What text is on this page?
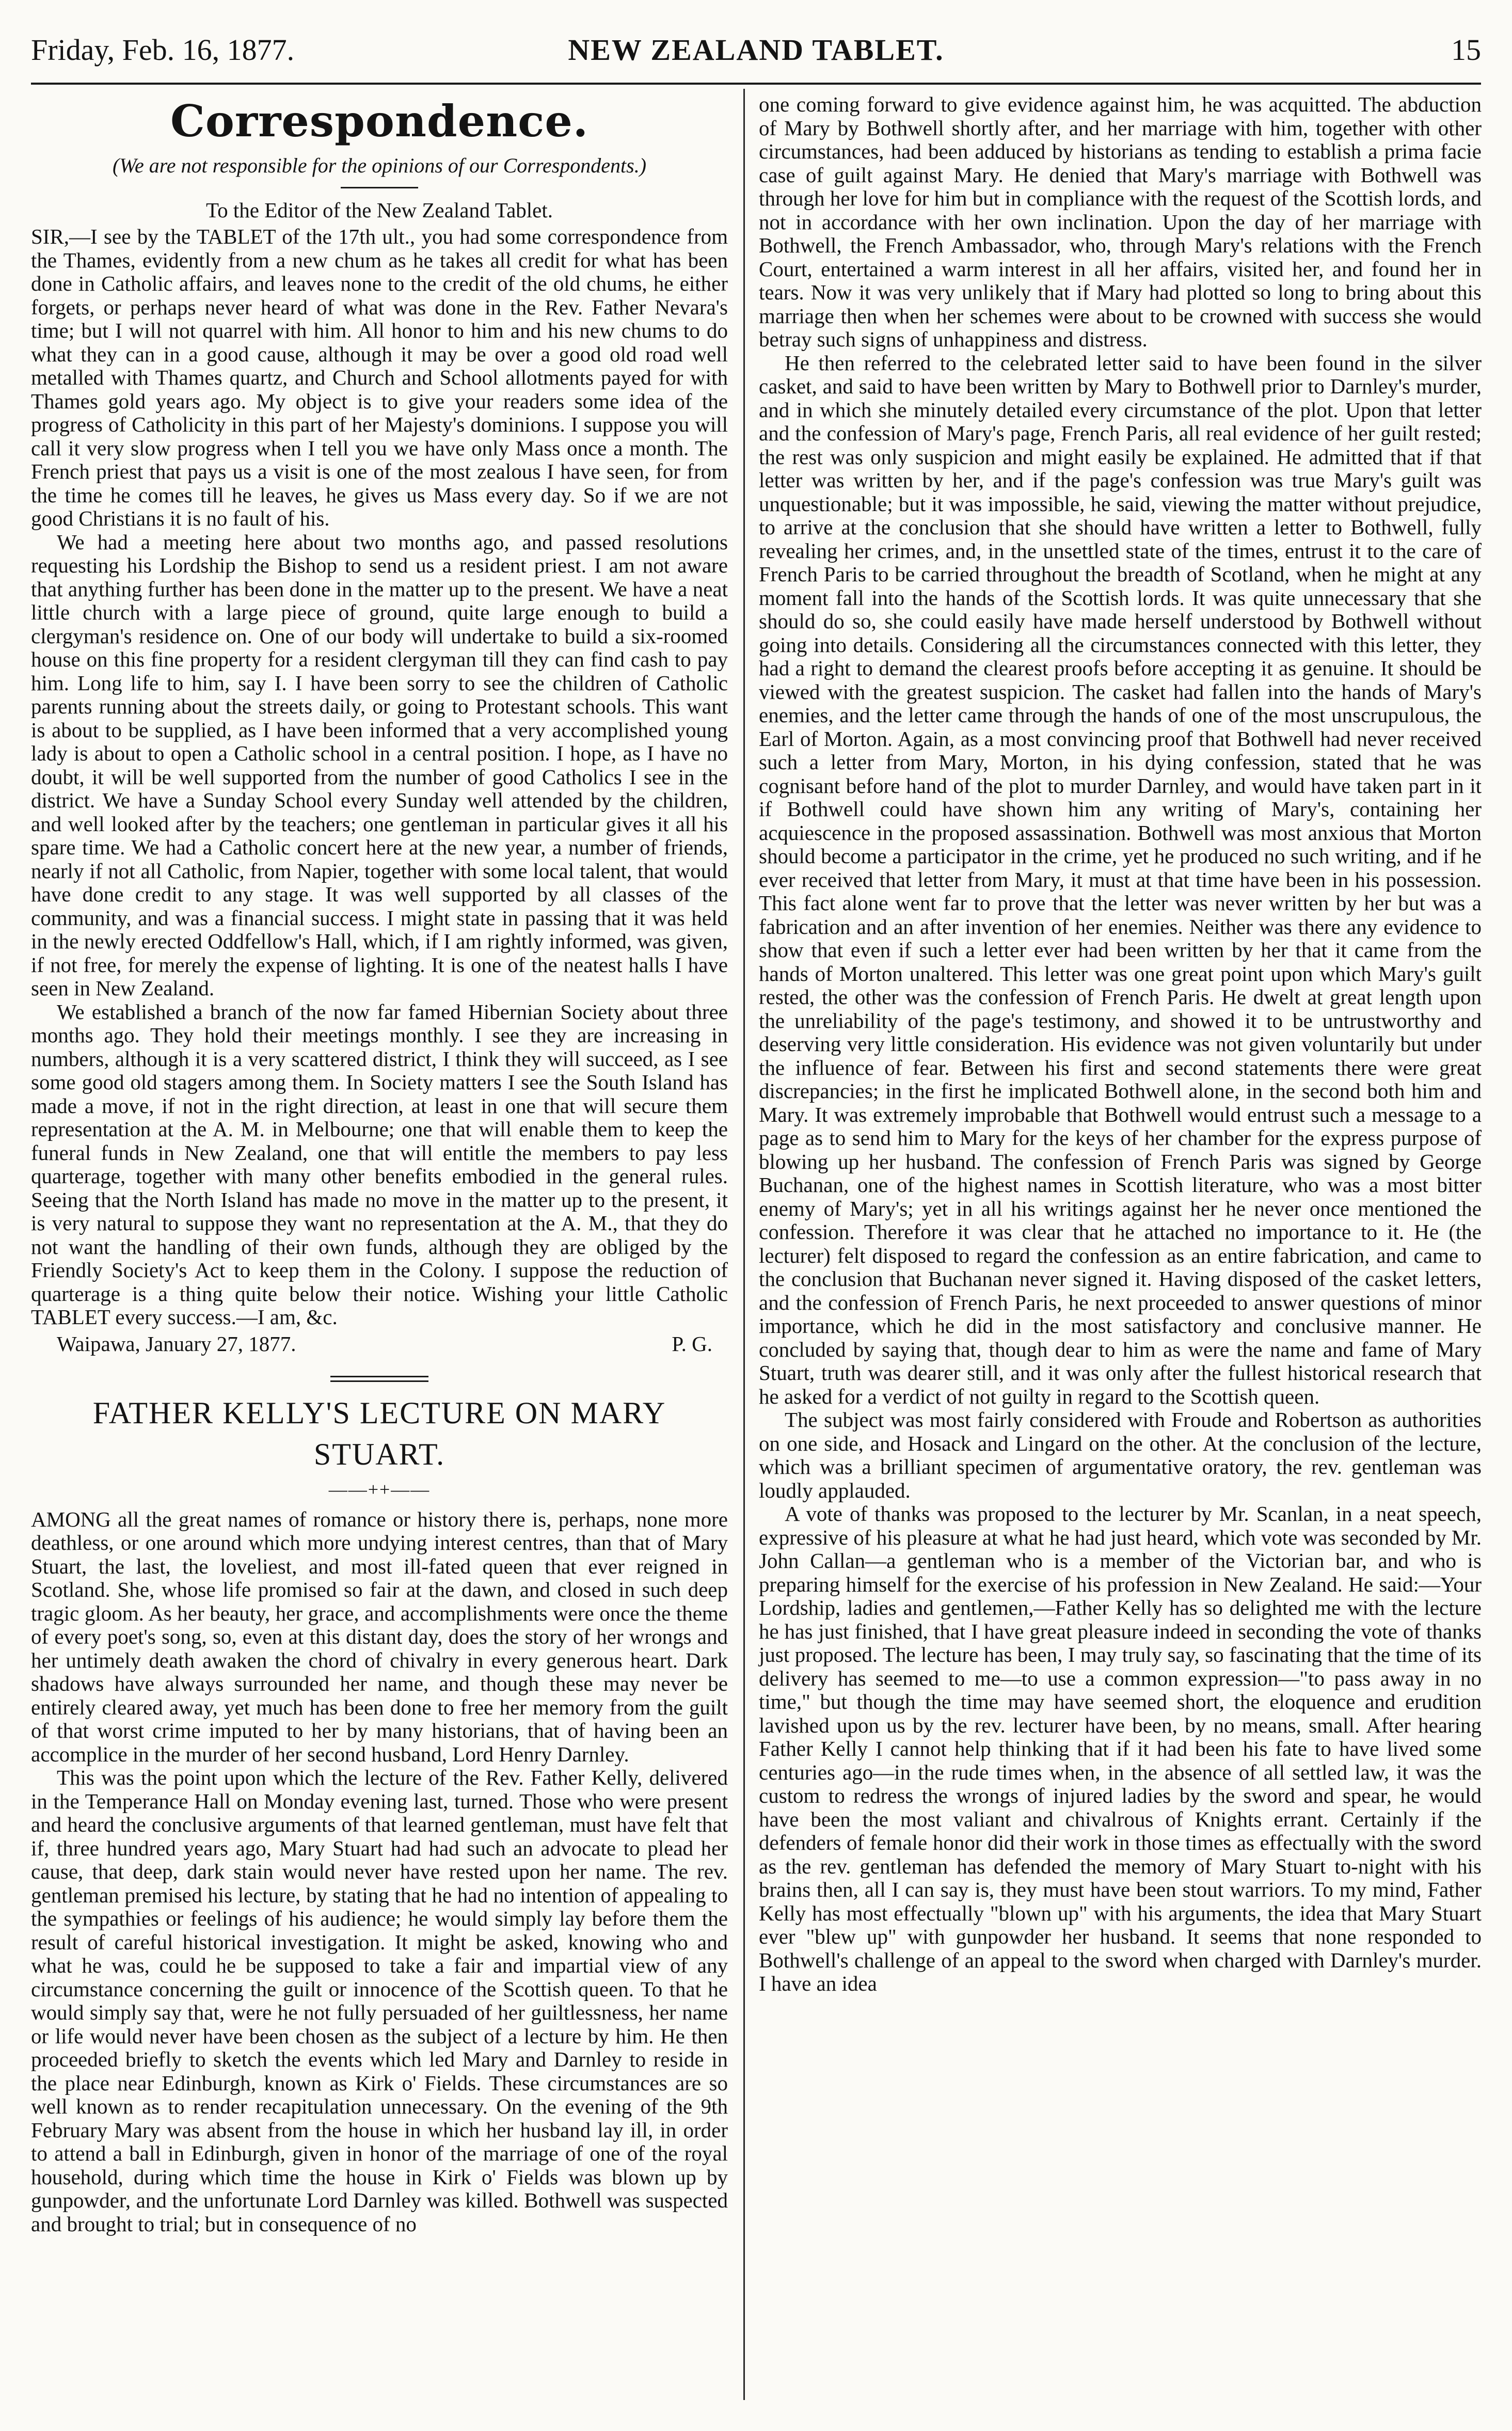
Friday, Feb. 16, 1877.	NEW ZEALAND TABLET.	15
Correspondence.
(We are not responsible for the opinions of our Correspondents.)
To the Editor of the New Zealand Tablet.

SIR,—I see by the TABLET of the 17th ult., you had some correspondence from the Thames, evidently from a new chum as he takes all credit for what has been done in Catholic affairs, and leaves none to the credit of the old chums, he either forgets, or perhaps never heard of what was done in the Rev. Father Nevara's time; but I will not quarrel with him. All honor to him and his new chums to do what they can in a good cause, although it may be over a good old road well metalled with Thames quartz, and Church and School allotments payed for with Thames gold years ago. My object is to give your readers some idea of the progress of Catholicity in this part of her Majesty's dominions. I suppose you will call it very slow progress when I tell you we have only Mass once a month. The French priest that pays us a visit is one of the most zealous I have seen, for from the time he comes till he leaves, he gives us Mass every day. So if we are not good Christians it is no fault of his.

We had a meeting here about two months ago, and passed resolutions requesting his Lordship the Bishop to send us a resident priest. I am not aware that anything further has been done in the matter up to the present. We have a neat little church with a large piece of ground, quite large enough to build a clergyman's residence on. One of our body will undertake to build a six-roomed house on this fine property for a resident clergyman till they can find cash to pay him. Long life to him, say I. I have been sorry to see the children of Catholic parents running about the streets daily, or going to Protestant schools. This want is about to be supplied, as I have been informed that a very accomplished young lady is about to open a Catholic school in a central position. I hope, as I have no doubt, it will be well supported from the number of good Catholics I see in the district. We have a Sunday School every Sunday well attended by the children, and well looked after by the teachers; one gentleman in particular gives it all his spare time. We had a Catholic concert here at the new year, a number of friends, nearly if not all Catholic, from Napier, together with some local talent, that would have done credit to any stage. It was well supported by all classes of the community, and was a financial success. I might state in passing that it was held in the newly erected Oddfellow's Hall, which, if I am rightly informed, was given, if not free, for merely the expense of lighting. It is one of the neatest halls I have seen in New Zealand.

We established a branch of the now far famed Hibernian Society about three months ago. They hold their meetings monthly. I see they are increasing in numbers, although it is a very scattered district, I think they will succeed, as I see some good old stagers among them. In Society matters I see the South Island has made a move, if not in the right direction, at least in one that will secure them representation at the A. M. in Melbourne; one that will enable them to keep the funeral funds in New Zealand, one that will entitle the members to pay less quarterage, together with many other benefits embodied in the general rules. Seeing that the North Island has made no move in the matter up to the present, it is very natural to suppose they want no representation at the A. M., that they do not want the handling of their own funds, although they are obliged by the Friendly Society's Act to keep them in the Colony. I suppose the reduction of quarterage is a thing quite below their notice. Wishing your little Catholic TABLET every success.—I am, &c.

Waipawa, January 27, 1877.	P. G.
FATHER KELLY'S LECTURE ON MARY STUART.
——++——

AMONG all the great names of romance or history there is, perhaps, none more deathless, or one around which more undying interest centres, than that of Mary Stuart, the last, the loveliest, and most ill-fated queen that ever reigned in Scotland. She, whose life promised so fair at the dawn, and closed in such deep tragic gloom. As her beauty, her grace, and accomplishments were once the theme of every poet's song, so, even at this distant day, does the story of her wrongs and her untimely death awaken the chord of chivalry in every generous heart. Dark shadows have always surrounded her name, and though these may never be entirely cleared away, yet much has been done to free her memory from the guilt of that worst crime imputed to her by many historians, that of having been an accomplice in the murder of her second husband, Lord Henry Darnley.

This was the point upon which the lecture of the Rev. Father Kelly, delivered in the Temperance Hall on Monday evening last, turned. Those who were present and heard the conclusive arguments of that learned gentleman, must have felt that if, three hundred years ago, Mary Stuart had had such an advocate to plead her cause, that deep, dark stain would never have rested upon her name. The rev. gentleman premised his lecture, by stating that he had no intention of appealing to the sympathies or feelings of his audience; he would simply lay before them the result of careful historical investigation. It might be asked, knowing who and what he was, could he be supposed to take a fair and impartial view of any circumstance concerning the guilt or innocence of the Scottish queen. To that he would simply say that, were he not fully persuaded of her guiltlessness, her name or life would never have been chosen as the subject of a lecture by him. He then proceeded briefly to sketch the events which led Mary and Darnley to reside in the place near Edinburgh, known as Kirk o' Fields. These circumstances are so well known as to render recapitulation unnecessary. On the evening of the 9th February Mary was absent from the house in which her husband lay ill, in order to attend a ball in Edinburgh, given in honor of the marriage of one of the royal household, during which time the house in Kirk o' Fields was blown up by gunpowder, and the unfortunate Lord Darnley was killed. Bothwell was suspected and brought to trial; but in consequence of no

one coming forward to give evidence against him, he was acquitted. The abduction of Mary by Bothwell shortly after, and her marriage with him, together with other circumstances, had been adduced by historians as tending to establish a prima facie case of guilt against Mary. He denied that Mary's marriage with Bothwell was through her love for him but in compliance with the request of the Scottish lords, and not in accordance with her own inclination. Upon the day of her marriage with Bothwell, the French Ambassador, who, through Mary's relations with the French Court, entertained a warm interest in all her affairs, visited her, and found her in tears. Now it was very unlikely that if Mary had plotted so long to bring about this marriage then when her schemes were about to be crowned with success she would betray such signs of unhappiness and distress.

He then referred to the celebrated letter said to have been found in the silver casket, and said to have been written by Mary to Bothwell prior to Darnley's murder, and in which she minutely detailed every circumstance of the plot. Upon that letter and the confession of Mary's page, French Paris, all real evidence of her guilt rested; the rest was only suspicion and might easily be explained. He admitted that if that letter was written by her, and if the page's confession was true Mary's guilt was unquestionable; but it was impossible, he said, viewing the matter without prejudice, to arrive at the conclusion that she should have written a letter to Bothwell, fully revealing her crimes, and, in the unsettled state of the times, entrust it to the care of French Paris to be carried throughout the breadth of Scotland, when he might at any moment fall into the hands of the Scottish lords. It was quite unnecessary that she should do so, she could easily have made herself understood by Bothwell without going into details. Considering all the circumstances connected with this letter, they had a right to demand the clearest proofs before accepting it as genuine. It should be viewed with the greatest suspicion. The casket had fallen into the hands of Mary's enemies, and the letter came through the hands of one of the most unscrupulous, the Earl of Morton. Again, as a most convincing proof that Bothwell had never received such a letter from Mary, Morton, in his dying confession, stated that he was cognisant before hand of the plot to murder Darnley, and would have taken part in it if Bothwell could have shown him any writing of Mary's, containing her acquiescence in the proposed assassination. Bothwell was most anxious that Morton should become a participator in the crime, yet he produced no such writing, and if he ever received that letter from Mary, it must at that time have been in his possession. This fact alone went far to prove that the letter was never written by her but was a fabrication and an after invention of her enemies. Neither was there any evidence to show that even if such a letter ever had been written by her that it came from the hands of Morton unaltered. This letter was one great point upon which Mary's guilt rested, the other was the confession of French Paris. He dwelt at great length upon the unreliability of the page's testimony, and showed it to be untrustworthy and deserving very little consideration. His evidence was not given voluntarily but under the influence of fear. Between his first and second statements there were great discrepancies; in the first he implicated Bothwell alone, in the second both him and Mary. It was extremely improbable that Bothwell would entrust such a message to a page as to send him to Mary for the keys of her chamber for the express purpose of blowing up her husband. The confession of French Paris was signed by George Buchanan, one of the highest names in Scottish literature, who was a most bitter enemy of Mary's; yet in all his writings against her he never once mentioned the confession. Therefore it was clear that he attached no importance to it. He (the lecturer) felt disposed to regard the confession as an entire fabrication, and came to the conclusion that Buchanan never signed it. Having disposed of the casket letters, and the confession of French Paris, he next proceeded to answer questions of minor importance, which he did in the most satisfactory and conclusive manner. He concluded by saying that, though dear to him as were the name and fame of Mary Stuart, truth was dearer still, and it was only after the fullest historical research that he asked for a verdict of not guilty in regard to the Scottish queen.

The subject was most fairly considered with Froude and Robertson as authorities on one side, and Hosack and Lingard on the other. At the conclusion of the lecture, which was a brilliant specimen of argumentative oratory, the rev. gentleman was loudly applauded.

A vote of thanks was proposed to the lecturer by Mr. Scanlan, in a neat speech, expressive of his pleasure at what he had just heard, which vote was seconded by Mr. John Callan—a gentleman who is a member of the Victorian bar, and who is preparing himself for the exercise of his profession in New Zealand. He said:—Your Lordship, ladies and gentlemen,—Father Kelly has so delighted me with the lecture he has just finished, that I have great pleasure indeed in seconding the vote of thanks just proposed. The lecture has been, I may truly say, so fascinating that the time of its delivery has seemed to me—to use a common expression—"to pass away in no time," but though the time may have seemed short, the eloquence and erudition lavished upon us by the rev. lecturer have been, by no means, small. After hearing Father Kelly I cannot help thinking that if it had been his fate to have lived some centuries ago—in the rude times when, in the absence of all settled law, it was the custom to redress the wrongs of injured ladies by the sword and spear, he would have been the most valiant and chivalrous of Knights errant. Certainly if the defenders of female honor did their work in those times as effectually with the sword as the rev. gentleman has defended the memory of Mary Stuart to-night with his brains then, all I can say is, they must have been stout warriors. To my mind, Father Kelly has most effectually "blown up" with his arguments, the idea that Mary Stuart ever "blew up" with gunpowder her husband. It seems that none responded to Bothwell's challenge of an appeal to the sword when charged with Darnley's murder. I have an idea
